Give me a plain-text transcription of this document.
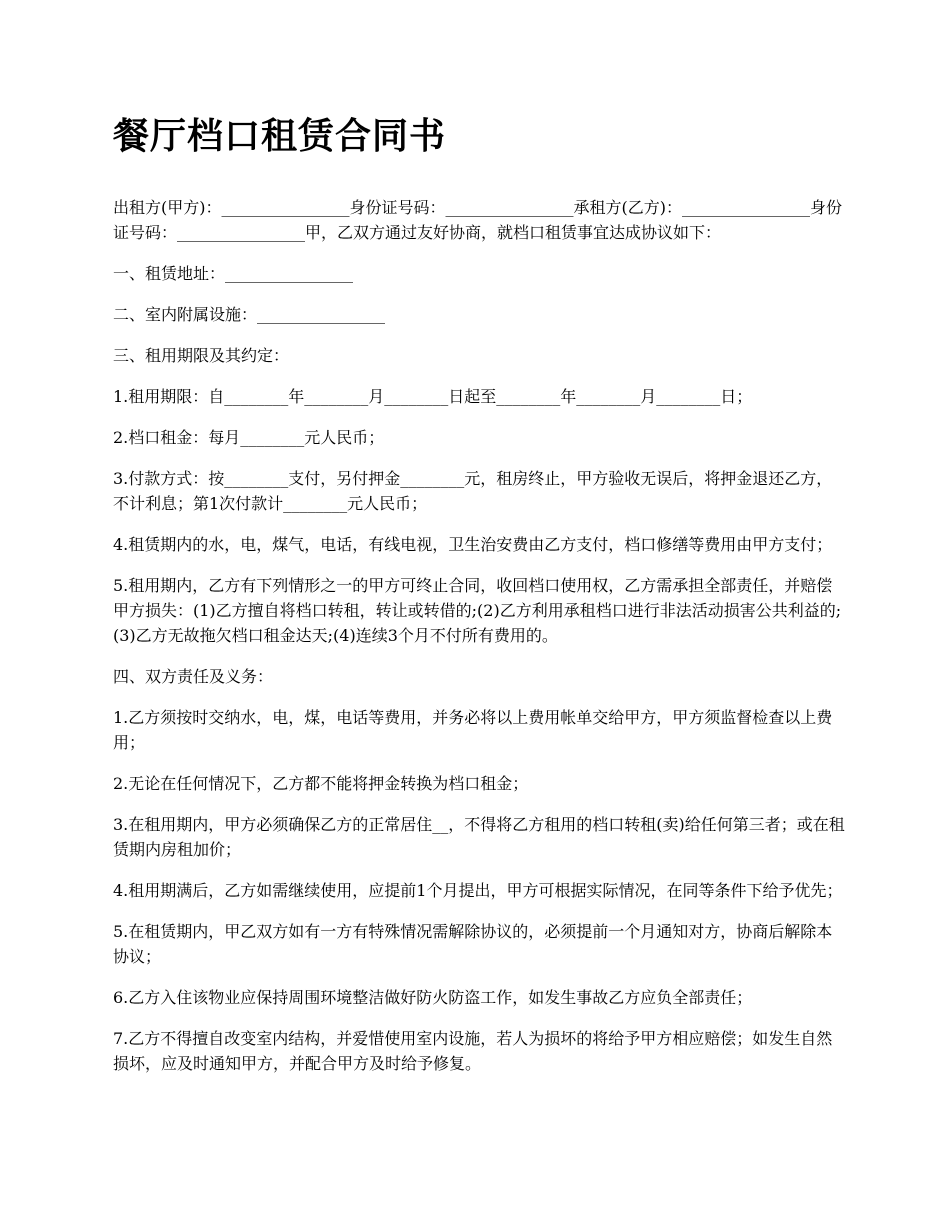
餐厅档口租赁合同书

出租方(甲方)：________________身份证号码：________________承租方(乙方)：________________身份证号码：________________甲，乙双方通过友好协商，就档口租赁事宜达成协议如下：

一、租赁地址：________________

二、室内附属设施：________________

三、租用期限及其约定：

1.租用期限：自________年________月________日起至________年________月________日；

2.档口租金：每月________元人民币；

3.付款方式：按________支付，另付押金________元，租房终止，甲方验收无误后，将押金退还乙方，不计利息；第1次付款计________元人民币；

4.租赁期内的水，电，煤气，电话，有线电视，卫生治安费由乙方支付，档口修缮等费用由甲方支付；

5.租用期内，乙方有下列情形之一的甲方可终止合同，收回档口使用权，乙方需承担全部责任，并赔偿甲方损失：(1)乙方擅自将档口转租，转让或转借的;(2)乙方利用承租档口进行非法活动损害公共利益的;(3)乙方无故拖欠档口租金达天;(4)连续3个月不付所有费用的。

四、双方责任及义务：

1.乙方须按时交纳水，电，煤，电话等费用，并务必将以上费用帐单交给甲方，甲方须监督检查以上费用；

2.无论在任何情况下，乙方都不能将押金转换为档口租金；

3.在租用期内，甲方必须确保乙方的正常居住__，不得将乙方租用的档口转租(卖)给任何第三者；或在租赁期内房租加价；

4.租用期满后，乙方如需继续使用，应提前1个月提出，甲方可根据实际情况，在同等条件下给予优先；

5.在租赁期内，甲乙双方如有一方有特殊情况需解除协议的，必须提前一个月通知对方，协商后解除本协议；

6.乙方入住该物业应保持周围环境整洁做好防火防盗工作，如发生事故乙方应负全部责任；

7.乙方不得擅自改变室内结构，并爱惜使用室内设施，若人为损坏的将给予甲方相应赔偿；如发生自然损坏，应及时通知甲方，并配合甲方及时给予修复。
